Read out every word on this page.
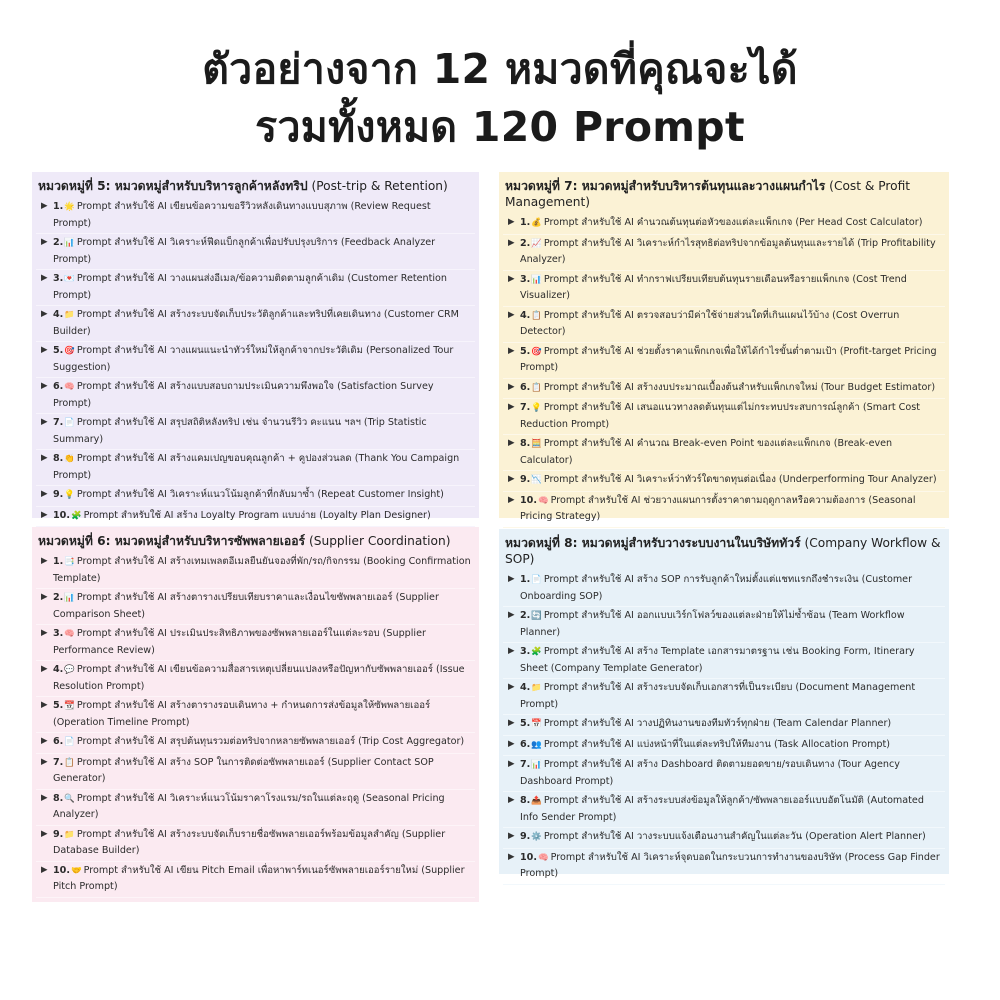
ตัวอย่างจาก 12 หมวดที่คุณจะได้
รวมทั้งหมด 120 Prompt
หมวดหมู่ที่ 5: หมวดหมู่สำหรับบริหารลูกค้าหลังทริป (Post-trip & Retention)
▶ 1.🌟 Prompt สำหรับใช้ AI เขียนข้อความขอรีวิวหลังเดินทางแบบสุภาพ (Review Request Prompt)
▶ 2.📊 Prompt สำหรับใช้ AI วิเคราะห์ฟีดแบ็กลูกค้าเพื่อปรับปรุงบริการ (Feedback Analyzer Prompt)
▶ 3.💌 Prompt สำหรับใช้ AI วางแผนส่งอีเมล/ข้อความติดตามลูกค้าเดิม (Customer Retention Prompt)
▶ 4.📁 Prompt สำหรับใช้ AI สร้างระบบจัดเก็บประวัติลูกค้าและทริปที่เคยเดินทาง (Customer CRM Builder)
▶ 5.🎯 Prompt สำหรับใช้ AI วางแผนแนะนำทัวร์ใหม่ให้ลูกค้าจากประวัติเดิม (Personalized Tour Suggestion)
▶ 6.🧠 Prompt สำหรับใช้ AI สร้างแบบสอบถามประเมินความพึงพอใจ (Satisfaction Survey Prompt)
▶ 7.📄 Prompt สำหรับใช้ AI สรุปสถิติหลังทริป เช่น จำนวนรีวิว คะแนน ฯลฯ (Trip Statistic Summary)
▶ 8.👏 Prompt สำหรับใช้ AI สร้างแคมเปญขอบคุณลูกค้า + คูปองส่วนลด (Thank You Campaign Prompt)
▶ 9.💡 Prompt สำหรับใช้ AI วิเคราะห์แนวโน้มลูกค้าที่กลับมาซ้ำ (Repeat Customer Insight)
▶ 10.🧩 Prompt สำหรับใช้ AI สร้าง Loyalty Program แบบง่าย (Loyalty Plan Designer)
หมวดหมู่ที่ 7: หมวดหมู่สำหรับบริหารต้นทุนและวางแผนกำไร (Cost & Profit Management)
▶ 1.💰 Prompt สำหรับใช้ AI คำนวณต้นทุนต่อหัวของแต่ละแพ็กเกจ (Per Head Cost Calculator)
▶ 2.📈 Prompt สำหรับใช้ AI วิเคราะห์กำไรสุทธิต่อทริปจากข้อมูลต้นทุนและรายได้ (Trip Profitability Analyzer)
▶ 3.📊 Prompt สำหรับใช้ AI ทำกราฟเปรียบเทียบต้นทุนรายเดือนหรือรายแพ็กเกจ (Cost Trend Visualizer)
▶ 4.📋 Prompt สำหรับใช้ AI ตรวจสอบว่ามีค่าใช้จ่ายส่วนใดที่เกินแผนไว้บ้าง (Cost Overrun Detector)
▶ 5.🎯 Prompt สำหรับใช้ AI ช่วยตั้งราคาแพ็กเกจเพื่อให้ได้กำไรขั้นต่ำตามเป้า (Profit-target Pricing Prompt)
▶ 6.📋 Prompt สำหรับใช้ AI สร้างงบประมาณเบื้องต้นสำหรับแพ็กเกจใหม่ (Tour Budget Estimator)
▶ 7.💡 Prompt สำหรับใช้ AI เสนอแนวทางลดต้นทุนแต่ไม่กระทบประสบการณ์ลูกค้า (Smart Cost Reduction Prompt)
▶ 8.🧮 Prompt สำหรับใช้ AI คำนวณ Break-even Point ของแต่ละแพ็กเกจ (Break-even Calculator)
▶ 9.📉 Prompt สำหรับใช้ AI วิเคราะห์ว่าทัวร์ใดขาดทุนต่อเนื่อง (Underperforming Tour Analyzer)
▶ 10.🧠 Prompt สำหรับใช้ AI ช่วยวางแผนการตั้งราคาตามฤดูกาลหรือความต้องการ (Seasonal Pricing Strategy)
หมวดหมู่ที่ 6: หมวดหมู่สำหรับบริหารซัพพลายเออร์ (Supplier Coordination)
▶ 1.📑 Prompt สำหรับใช้ AI สร้างเทมเพลตอีเมลยืนยันจองที่พัก/รถ/กิจกรรม (Booking Confirmation Template)
▶ 2.📊 Prompt สำหรับใช้ AI สร้างตารางเปรียบเทียบราคาและเงื่อนไขซัพพลายเออร์ (Supplier Comparison Sheet)
▶ 3.🧠 Prompt สำหรับใช้ AI ประเมินประสิทธิภาพของซัพพลายเออร์ในแต่ละรอบ (Supplier Performance Review)
▶ 4.💬 Prompt สำหรับใช้ AI เขียนข้อความสื่อสารเหตุเปลี่ยนแปลงหรือปัญหากับซัพพลายเออร์ (Issue Resolution Prompt)
▶ 5.📆 Prompt สำหรับใช้ AI สร้างตารางรอบเดินทาง + กำหนดการส่งข้อมูลให้ซัพพลายเออร์ (Operation Timeline Prompt)
▶ 6.📄 Prompt สำหรับใช้ AI สรุปต้นทุนรวมต่อทริปจากหลายซัพพลายเออร์ (Trip Cost Aggregator)
▶ 7.📋 Prompt สำหรับใช้ AI สร้าง SOP ในการติดต่อซัพพลายเออร์ (Supplier Contact SOP Generator)
▶ 8.🔍 Prompt สำหรับใช้ AI วิเคราะห์แนวโน้มราคาโรงแรม/รถในแต่ละฤดู (Seasonal Pricing Analyzer)
▶ 9.📁 Prompt สำหรับใช้ AI สร้างระบบจัดเก็บรายชื่อซัพพลายเออร์พร้อมข้อมูลสำคัญ (Supplier Database Builder)
▶ 10.🤝 Prompt สำหรับใช้ AI เขียน Pitch Email เพื่อหาพาร์ทเนอร์ซัพพลายเออร์รายใหม่ (Supplier Pitch Prompt)
หมวดหมู่ที่ 8: หมวดหมู่สำหรับวางระบบงานในบริษัททัวร์ (Company Workflow & SOP)
▶ 1.📄 Prompt สำหรับใช้ AI สร้าง SOP การรับลูกค้าใหม่ตั้งแต่แชทแรกถึงชำระเงิน (Customer Onboarding SOP)
▶ 2.🔄 Prompt สำหรับใช้ AI ออกแบบเวิร์กโฟลว์ของแต่ละฝ่ายให้ไม่ซ้ำซ้อน (Team Workflow Planner)
▶ 3.🧩 Prompt สำหรับใช้ AI สร้าง Template เอกสารมาตรฐาน เช่น Booking Form, Itinerary Sheet (Company Template Generator)
▶ 4.📁 Prompt สำหรับใช้ AI สร้างระบบจัดเก็บเอกสารที่เป็นระเบียบ (Document Management Prompt)
▶ 5.📅 Prompt สำหรับใช้ AI วางปฏิทินงานของทีมทัวร์ทุกฝ่าย (Team Calendar Planner)
▶ 6.👥 Prompt สำหรับใช้ AI แบ่งหน้าที่ในแต่ละทริปให้ทีมงาน (Task Allocation Prompt)
▶ 7.📊 Prompt สำหรับใช้ AI สร้าง Dashboard ติดตามยอดขาย/รอบเดินทาง (Tour Agency Dashboard Prompt)
▶ 8.📤 Prompt สำหรับใช้ AI สร้างระบบส่งข้อมูลให้ลูกค้า/ซัพพลายเออร์แบบอัตโนมัติ (Automated Info Sender Prompt)
▶ 9.⚙️ Prompt สำหรับใช้ AI วางระบบแจ้งเตือนงานสำคัญในแต่ละวัน (Operation Alert Planner)
▶ 10.🧠 Prompt สำหรับใช้ AI วิเคราะห์จุดบอดในกระบวนการทำงานของบริษัท (Process Gap Finder Prompt)
